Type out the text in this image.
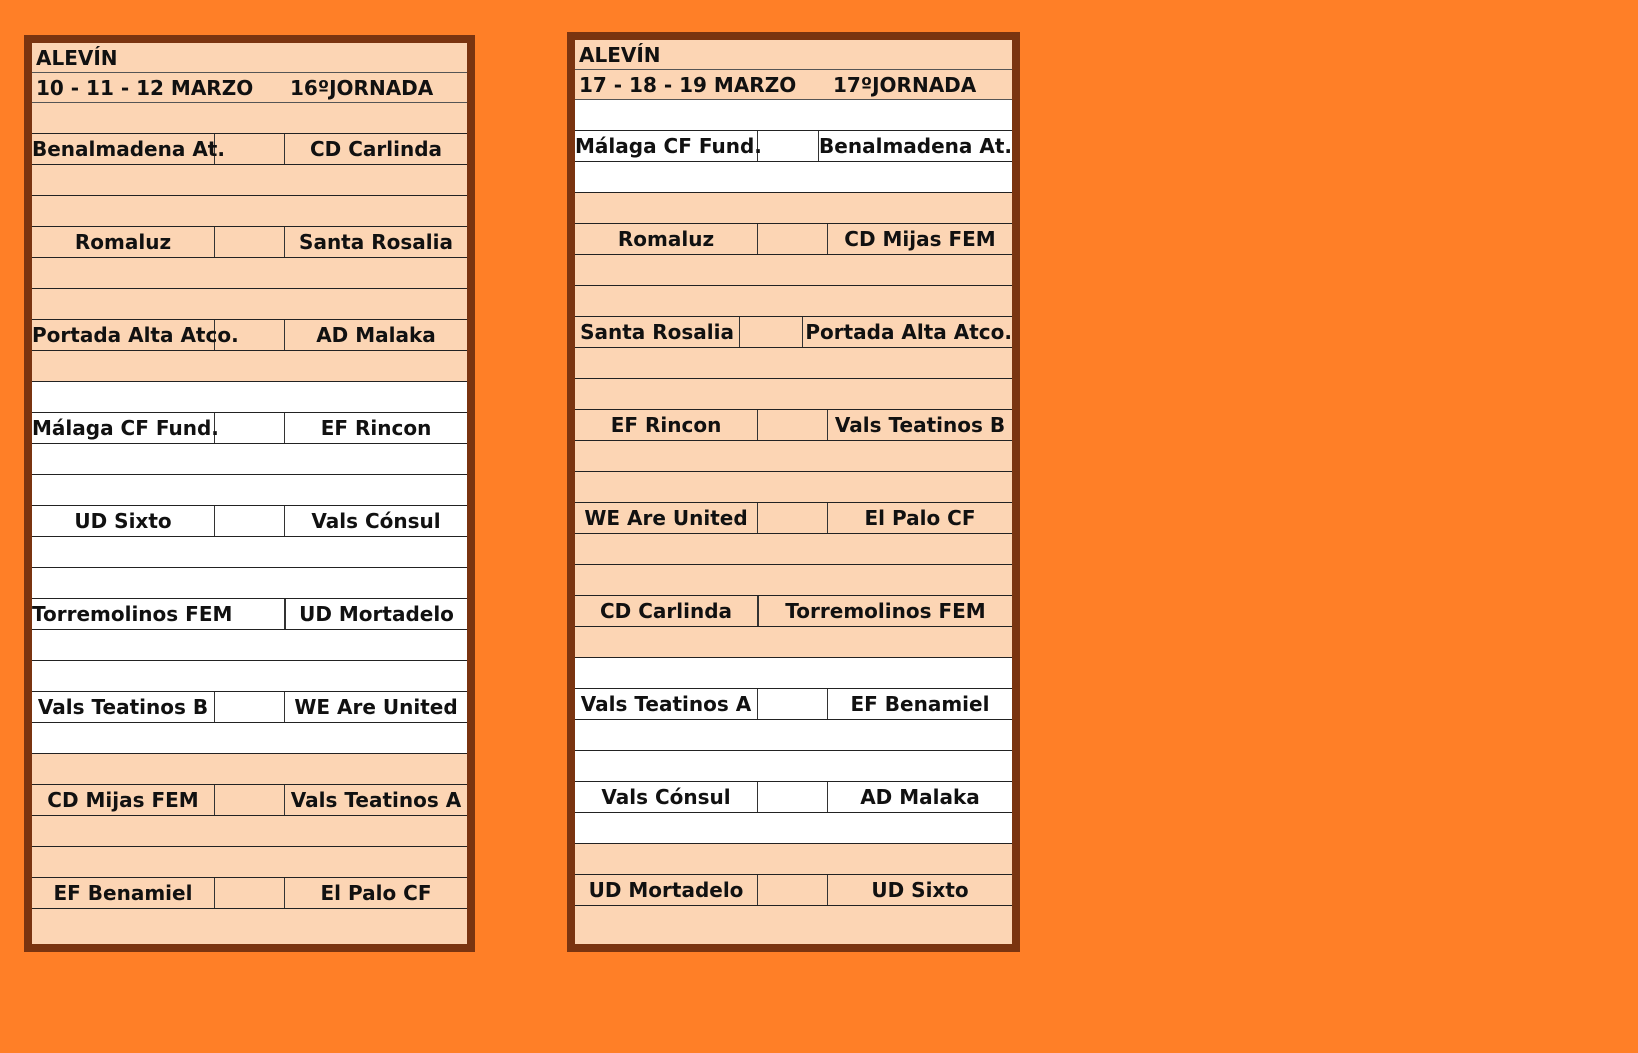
ALEVÍN
10 - 11 - 12 MARZO 16ºJORNADA
Benalmadena At.	CD Carlinda
Romaluz	Santa Rosalia
Portada Alta Atco.	AD Malaka
Málaga CF Fund.	EF Rincon
UD Sixto	Vals Cónsul
Torremolinos FEM	UD Mortadelo
Vals Teatinos B	WE Are United
CD Mijas FEM	Vals Teatinos A
EF Benamiel	El Palo CF
ALEVÍN
17 - 18 - 19 MARZO 17ºJORNADA
Málaga CF Fund.	Benalmadena At.
Romaluz	CD Mijas FEM
Santa Rosalia	Portada Alta Atco.
EF Rincon	Vals Teatinos B
WE Are United	El Palo CF
CD Carlinda	Torremolinos FEM
Vals Teatinos A	EF Benamiel
Vals Cónsul	AD Malaka
UD Mortadelo	UD Sixto
